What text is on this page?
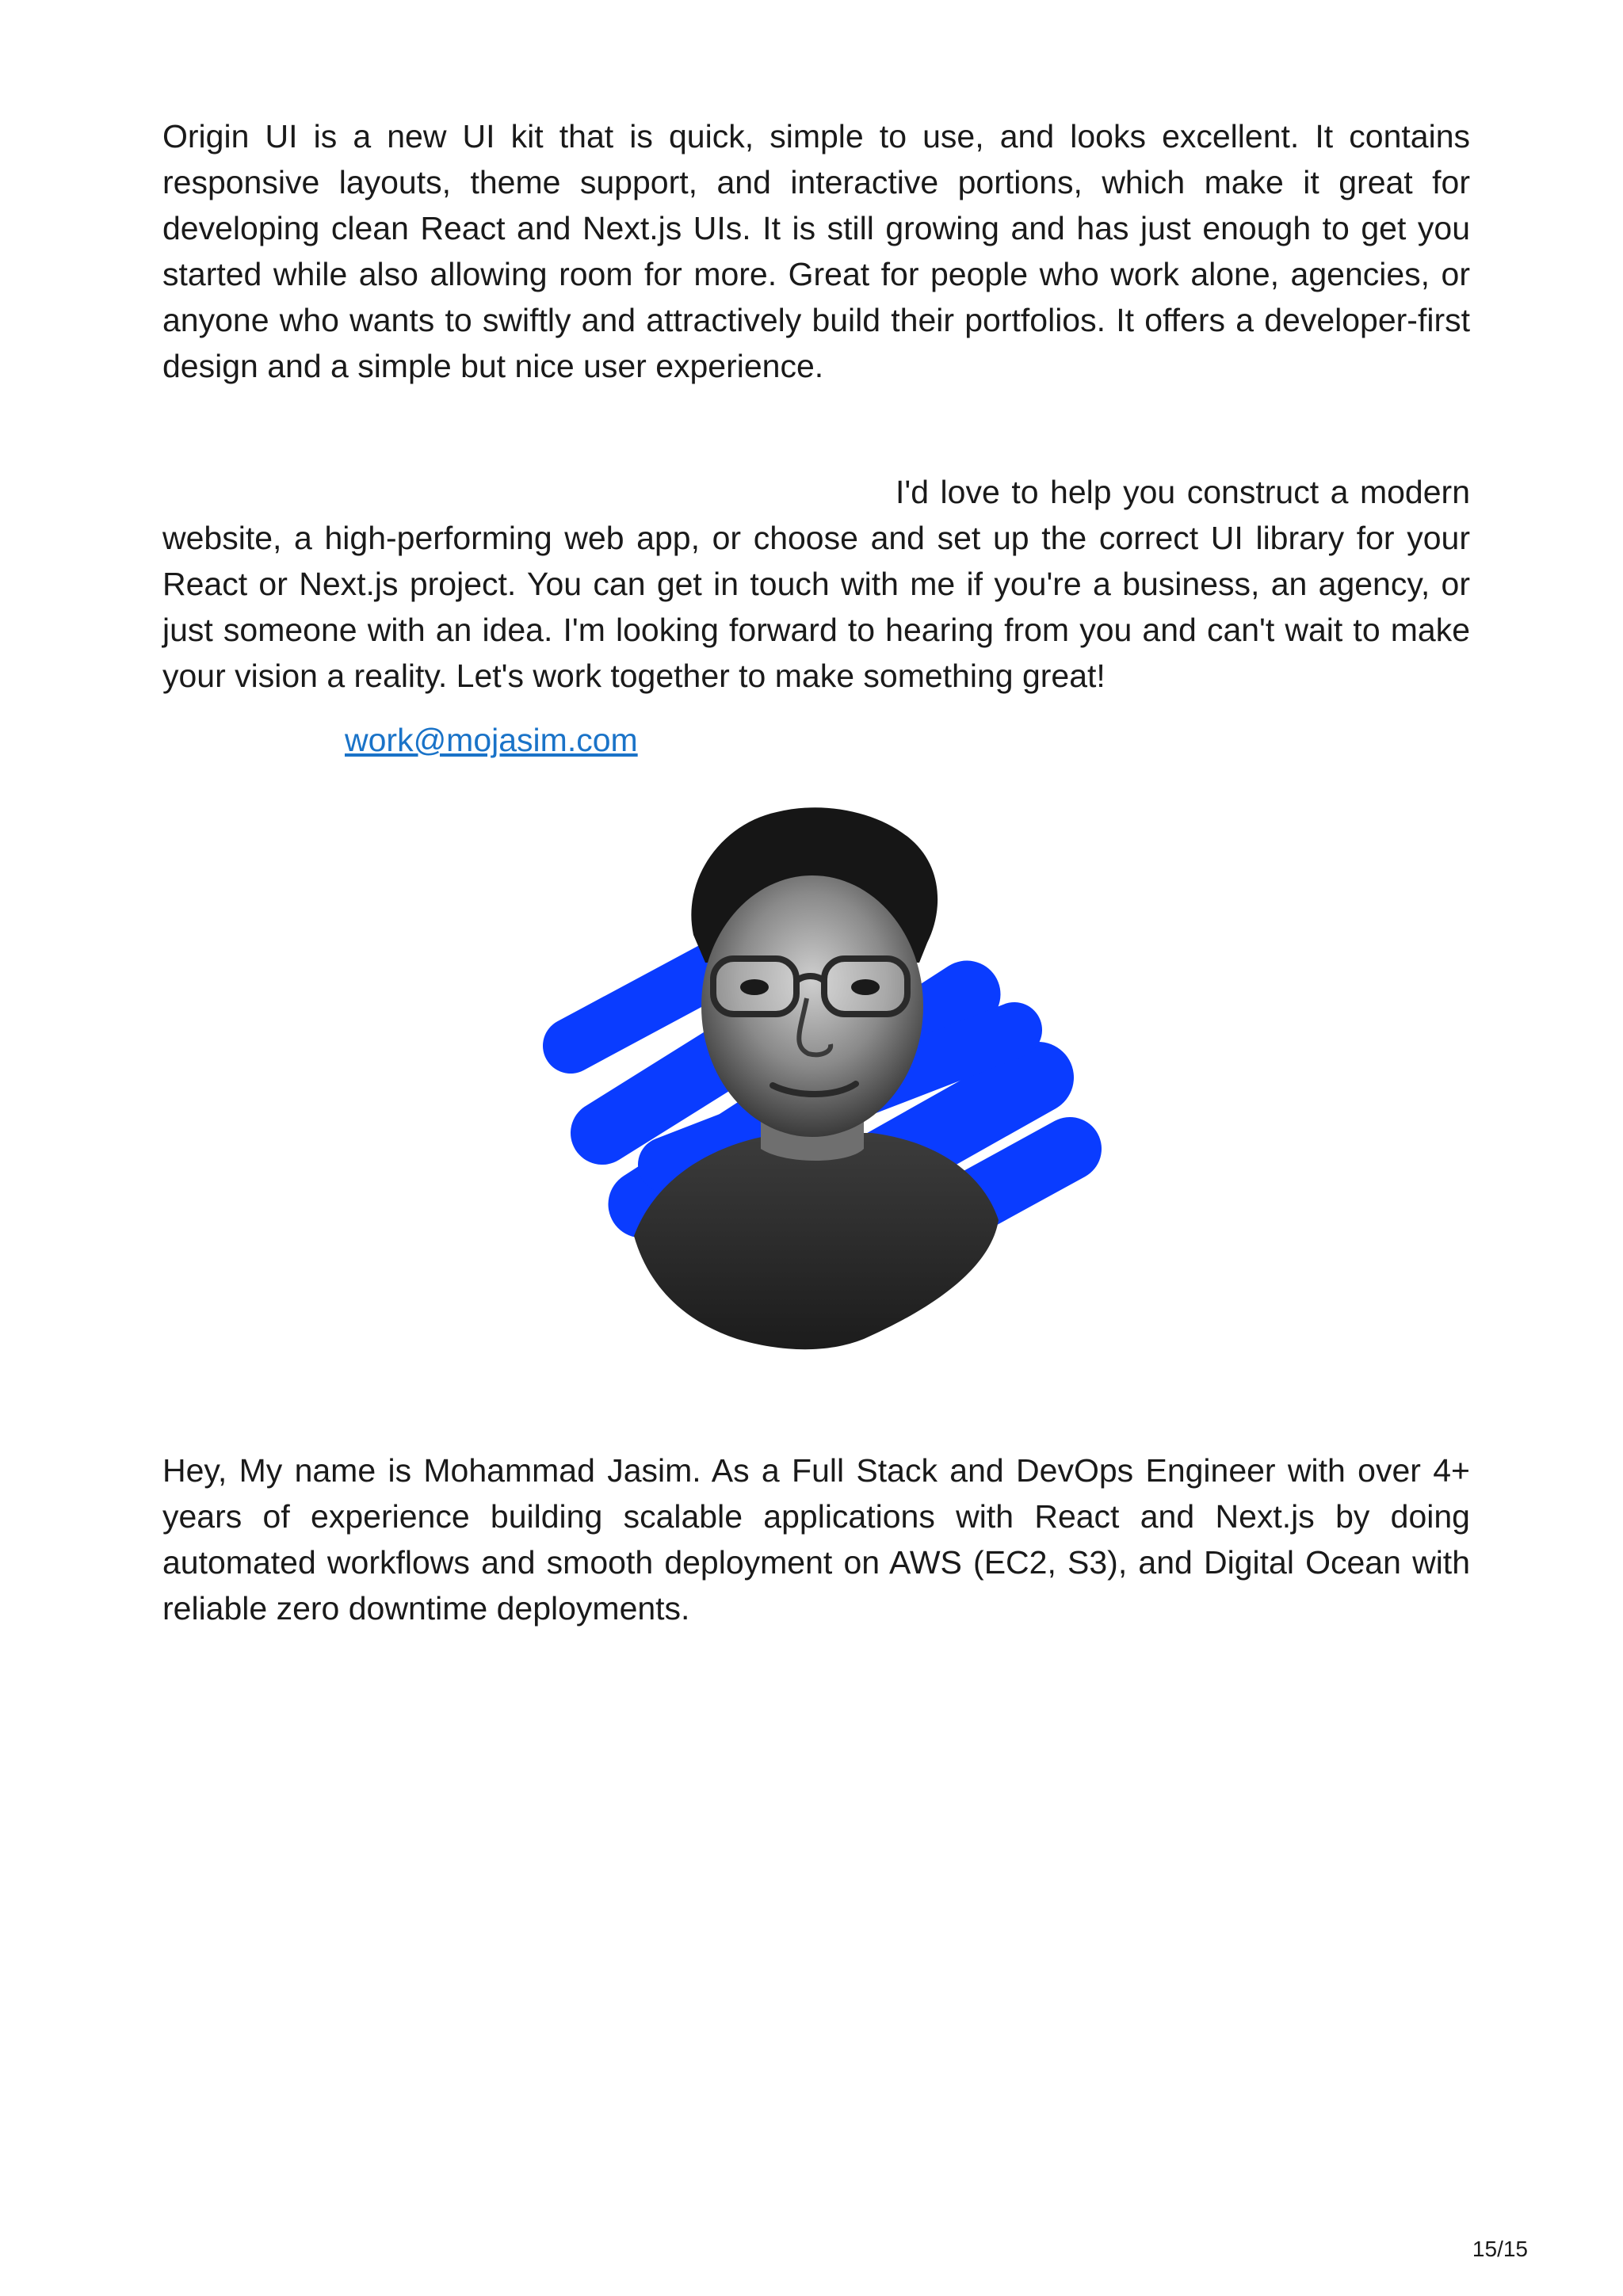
Origin UI is a new UI kit that is quick, simple to use, and looks excellent. It contains responsive layouts, theme support, and interactive portions, which make it great for developing clean React and Next.js UIs. It is still growing and has just enough to get you started while also allowing room for more. Great for people who work alone, agencies, or anyone who wants to swiftly and attractively build their portfolios. It offers a developer-first design and a simple but nice user experience.

I'd love to help you construct a modern website, a high-performing web app, or choose and set up the correct UI library for your React or Next.js project. You can get in touch with me if you're a business, an agency, or just someone with an idea. I'm looking forward to hearing from you and can't wait to make your vision a reality. Let's work together to make something great!

work@mojasim.com

Hey, My name is Mohammad Jasim. As a Full Stack and DevOps Engineer with over 4+ years of experience building scalable applications with React and Next.js by doing automated workflows and smooth deployment on AWS (EC2, S3), and Digital Ocean with reliable zero downtime deployments.

15/15
